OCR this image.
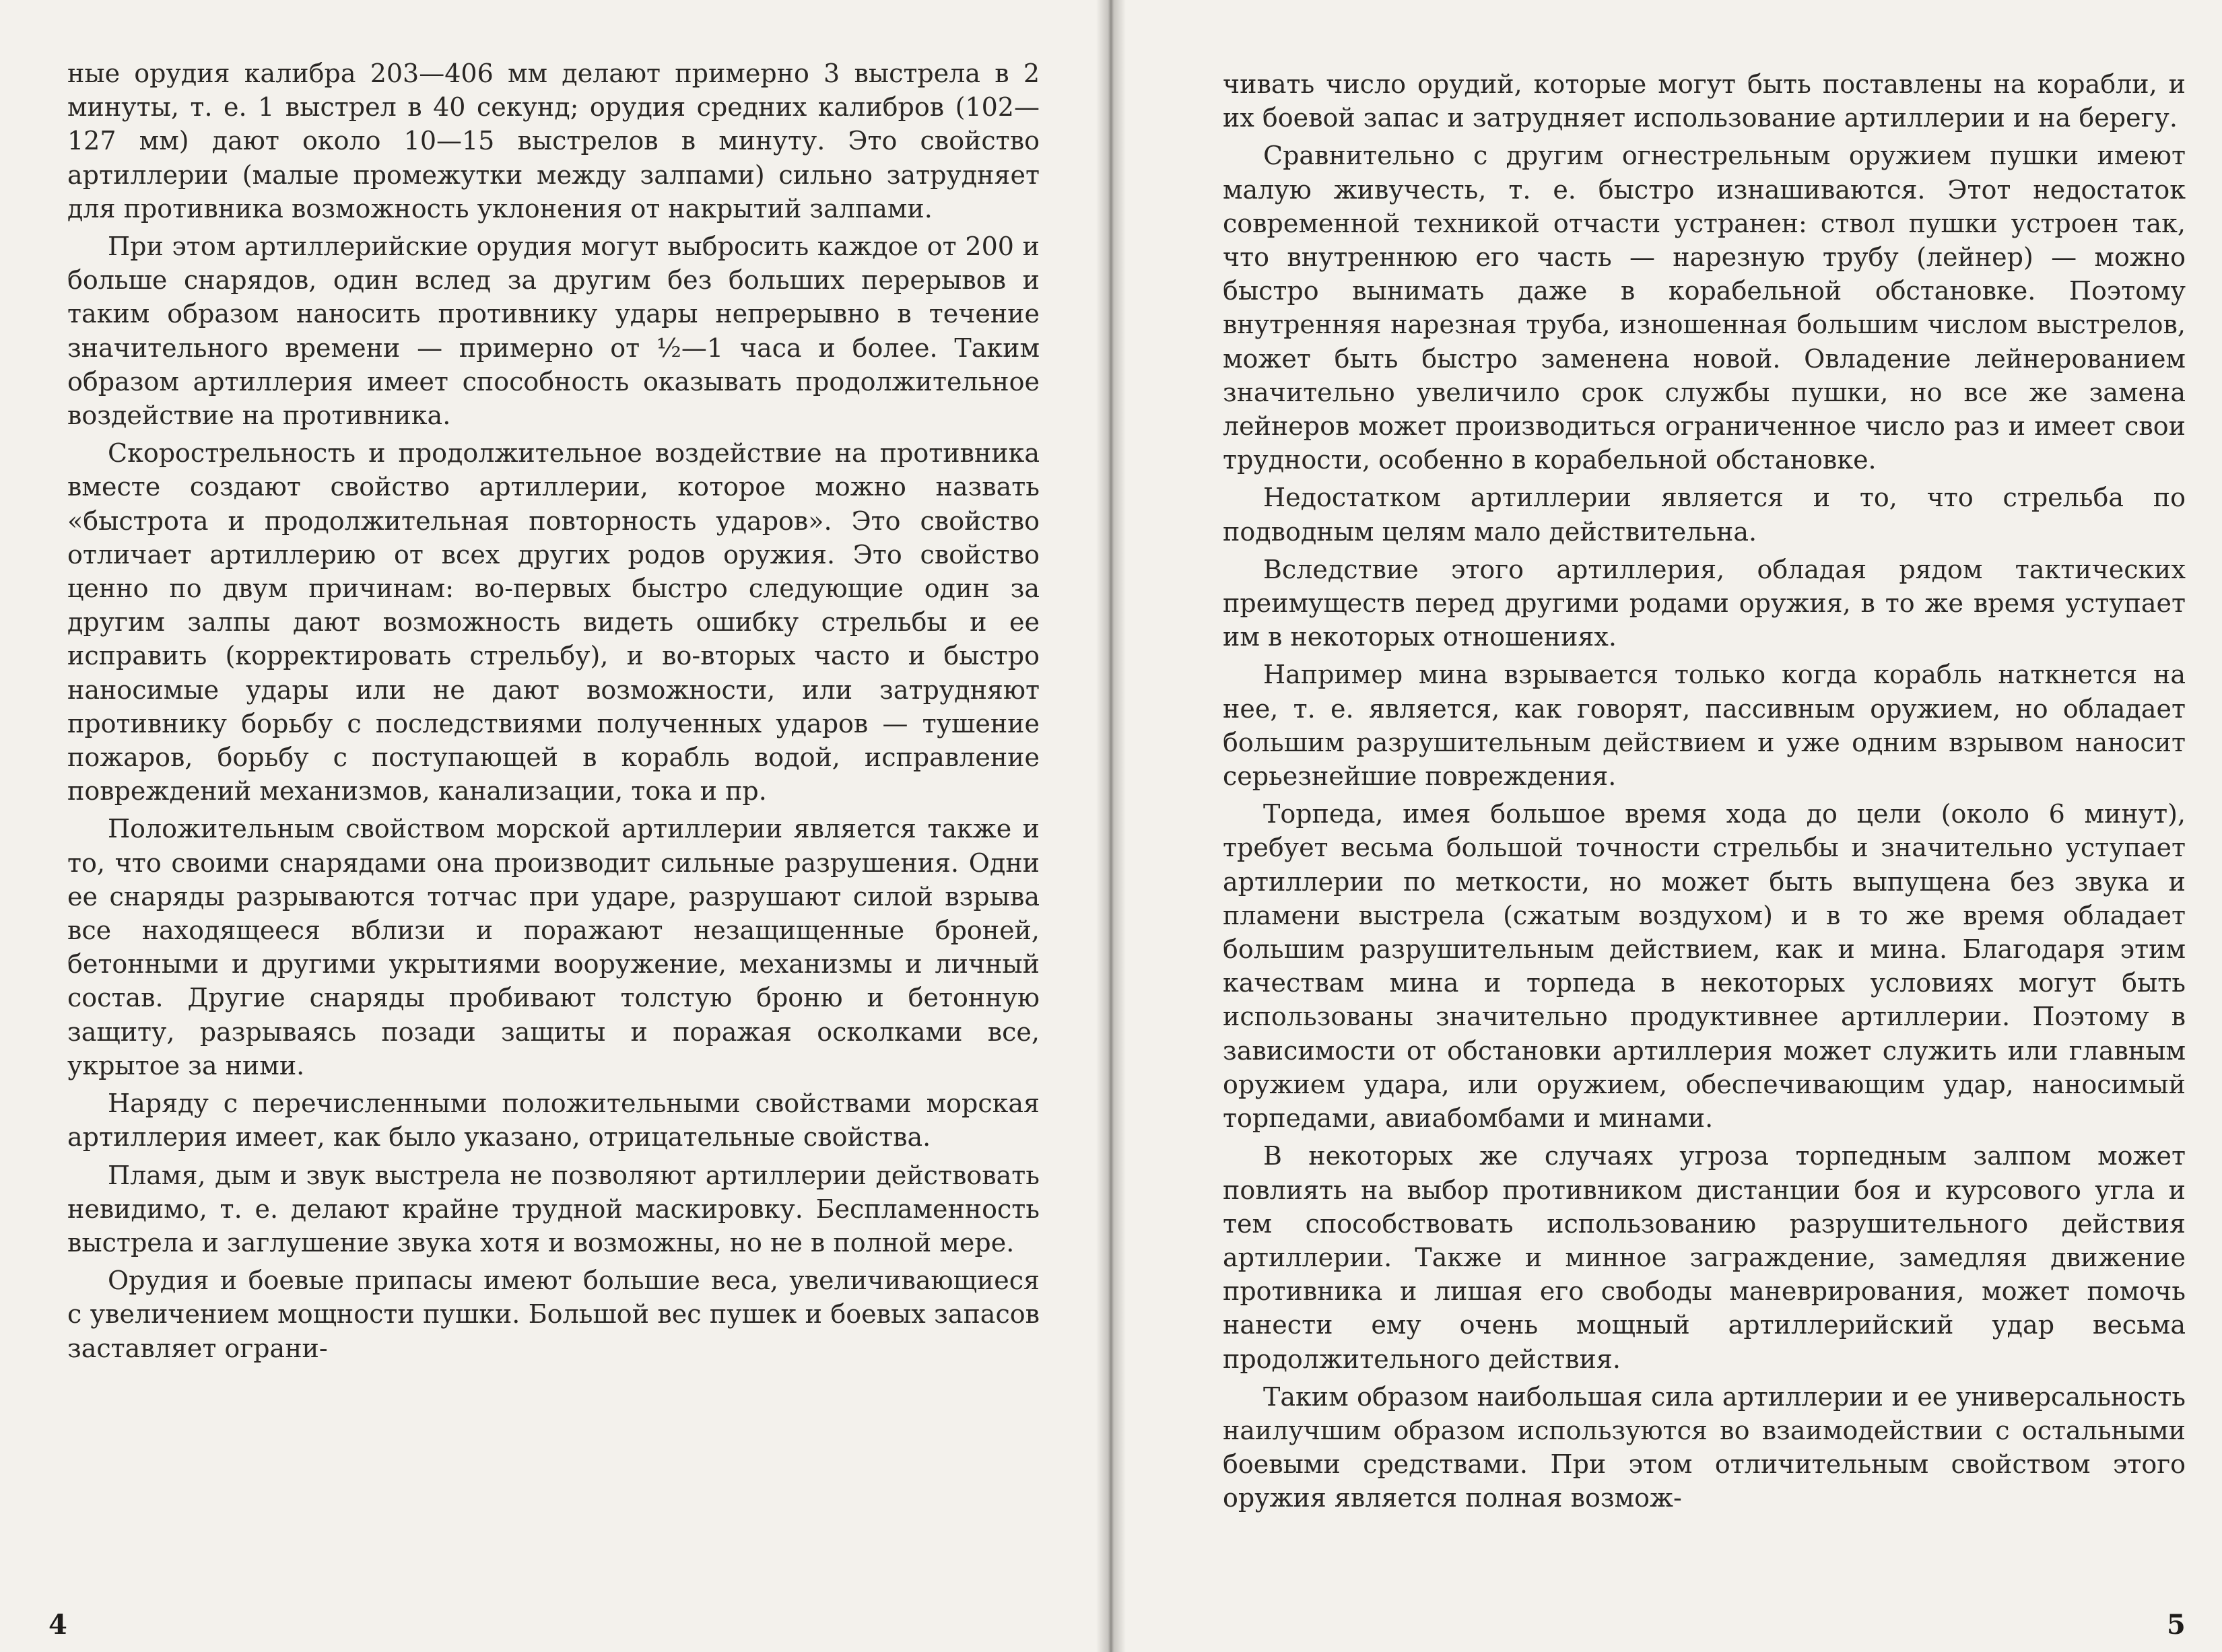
ные орудия калибра 203—406 мм делают примерно 3 выстрела в 2 минуты, т. е. 1 выстрел в 40 секунд; орудия средних калибров (102—127 мм) дают около 10—15 выстрелов в минуту. Это свойство артиллерии (малые промежутки между залпами) сильно затрудняет для противника возможность уклонения от накрытий залпами.

При этом артиллерийские орудия могут выбросить каждое от 200 и больше снарядов, один вслед за другим без больших перерывов и таким образом наносить противнику удары непрерывно в течение значительного времени — примерно от ½—1 часа и более. Таким образом артиллерия имеет способность оказывать продолжительное воздействие на противника.

Скорострельность и продолжительное воздействие на противника вместе создают свойство артиллерии, которое можно назвать «быстрота и продолжительная повторность ударов». Это свойство отличает артиллерию от всех других родов оружия. Это свойство ценно по двум причинам: во-первых быстро следующие один за другим залпы дают возможность видеть ошибку стрельбы и ее исправить (корректировать стрельбу), и во-вторых часто и быстро наносимые удары или не дают возможности, или затрудняют противнику борьбу с последствиями полученных ударов — тушение пожаров, борьбу с поступающей в корабль водой, исправление повреждений механизмов, канализации, тока и пр.

Положительным свойством морской артиллерии является также и то, что своими снарядами она производит сильные разрушения. Одни ее снаряды разрываются тотчас при ударе, разрушают силой взрыва все находящееся вблизи и поражают незащищенные броней, бетонными и другими укрытиями вооружение, механизмы и личный состав. Другие снаряды пробивают толстую броню и бетонную защиту, разрываясь позади защиты и поражая осколками все, укрытое за ними.

Наряду с перечисленными положительными свойствами морская артиллерия имеет, как было указано, отрицательные свойства.

Пламя, дым и звук выстрела не позволяют артиллерии действовать невидимо, т. е. делают крайне трудной маскировку. Беспламенность выстрела и заглушение звука хотя и возможны, но не в полной мере.

Орудия и боевые припасы имеют большие веса, увеличивающиеся с увеличением мощности пушки. Большой вес пушек и боевых запасов заставляет ограни-

4

чивать число орудий, которые могут быть поставлены на корабли, и их боевой запас и затрудняет использование артиллерии и на берегу.

Сравнительно с другим огнестрельным оружием пушки имеют малую живучесть, т. е. быстро изнашиваются. Этот недостаток современной техникой отчасти устранен: ствол пушки устроен так, что внутреннюю его часть — нарезную трубу (лейнер) — можно быстро вынимать даже в корабельной обстановке. Поэтому внутренняя нарезная труба, изношенная большим числом выстрелов, может быть быстро заменена новой. Овладение лейнерованием значительно увеличило срок службы пушки, но все же замена лейнеров может производиться ограниченное число раз и имеет свои трудности, особенно в корабельной обстановке.

Недостатком артиллерии является и то, что стрельба по подводным целям мало действительна.

Вследствие этого артиллерия, обладая рядом тактических преимуществ перед другими родами оружия, в то же время уступает им в некоторых отношениях.

Например мина взрывается только когда корабль наткнется на нее, т. е. является, как говорят, пассивным оружием, но обладает большим разрушительным действием и уже одним взрывом наносит серьезнейшие повреждения.

Торпеда, имея большое время хода до цели (около 6 минут), требует весьма большой точности стрельбы и значительно уступает артиллерии по меткости, но может быть выпущена без звука и пламени выстрела (сжатым воздухом) и в то же время обладает большим разрушительным действием, как и мина. Благодаря этим качествам мина и торпеда в некоторых условиях могут быть использованы значительно продуктивнее артиллерии. Поэтому в зависимости от обстановки артиллерия может служить или главным оружием удара, или оружием, обеспечивающим удар, наносимый торпедами, авиабомбами и минами.

В некоторых же случаях угроза торпедным залпом может повлиять на выбор противником дистанции боя и курсового угла и тем способствовать использованию разрушительного действия артиллерии. Также и минное заграждение, замедляя движение противника и лишая его свободы маневрирования, может помочь нанести ему очень мощный артиллерийский удар весьма продолжительного действия.

Таким образом наибольшая сила артиллерии и ее универсальность наилучшим образом используются во взаимодействии с остальными боевыми средствами. При этом отличительным свойством этого оружия является полная возмож-

5
